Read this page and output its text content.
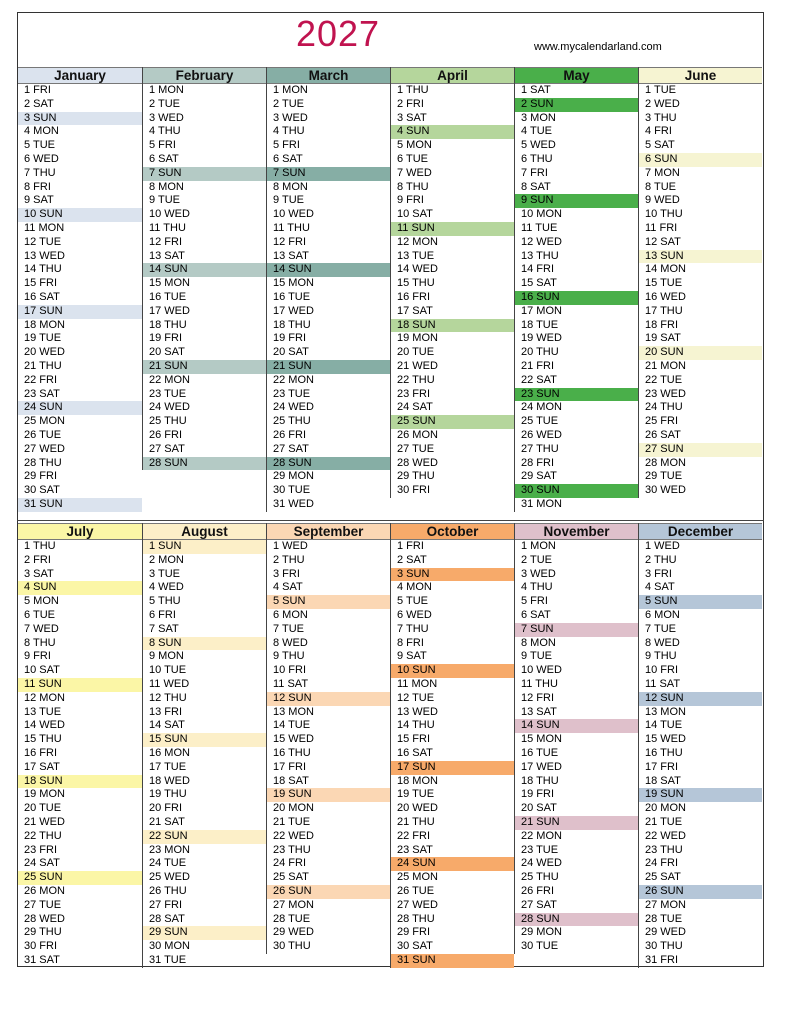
2027	www.mycalendarland.com
January
1 FRI
2 SAT
3 SUN
4 MON
5 TUE
6 WED
7 THU
8 FRI
9 SAT
10 SUN
11 MON
12 TUE
13 WED
14 THU
15 FRI
16 SAT
17 SUN
18 MON
19 TUE
20 WED
21 THU
22 FRI
23 SAT
24 SUN
25 MON
26 TUE
27 WED
28 THU
29 FRI
30 SAT
31 SUN
February
1 MON
2 TUE
3 WED
4 THU
5 FRI
6 SAT
7 SUN
8 MON
9 TUE
10 WED
11 THU
12 FRI
13 SAT
14 SUN
15 MON
16 TUE
17 WED
18 THU
19 FRI
20 SAT
21 SUN
22 MON
23 TUE
24 WED
25 THU
26 FRI
27 SAT
28 SUN
March
1 MON
2 TUE
3 WED
4 THU
5 FRI
6 SAT
7 SUN
8 MON
9 TUE
10 WED
11 THU
12 FRI
13 SAT
14 SUN
15 MON
16 TUE
17 WED
18 THU
19 FRI
20 SAT
21 SUN
22 MON
23 TUE
24 WED
25 THU
26 FRI
27 SAT
28 SUN
29 MON
30 TUE
31 WED
April
1 THU
2 FRI
3 SAT
4 SUN
5 MON
6 TUE
7 WED
8 THU
9 FRI
10 SAT
11 SUN
12 MON
13 TUE
14 WED
15 THU
16 FRI
17 SAT
18 SUN
19 MON
20 TUE
21 WED
22 THU
23 FRI
24 SAT
25 SUN
26 MON
27 TUE
28 WED
29 THU
30 FRI
May
1 SAT
2 SUN
3 MON
4 TUE
5 WED
6 THU
7 FRI
8 SAT
9 SUN
10 MON
11 TUE
12 WED
13 THU
14 FRI
15 SAT
16 SUN
17 MON
18 TUE
19 WED
20 THU
21 FRI
22 SAT
23 SUN
24 MON
25 TUE
26 WED
27 THU
28 FRI
29 SAT
30 SUN
31 MON
June
1 TUE
2 WED
3 THU
4 FRI
5 SAT
6 SUN
7 MON
8 TUE
9 WED
10 THU
11 FRI
12 SAT
13 SUN
14 MON
15 TUE
16 WED
17 THU
18 FRI
19 SAT
20 SUN
21 MON
22 TUE
23 WED
24 THU
25 FRI
26 SAT
27 SUN
28 MON
29 TUE
30 WED
July
1 THU
2 FRI
3 SAT
4 SUN
5 MON
6 TUE
7 WED
8 THU
9 FRI
10 SAT
11 SUN
12 MON
13 TUE
14 WED
15 THU
16 FRI
17 SAT
18 SUN
19 MON
20 TUE
21 WED
22 THU
23 FRI
24 SAT
25 SUN
26 MON
27 TUE
28 WED
29 THU
30 FRI
31 SAT
August
1 SUN
2 MON
3 TUE
4 WED
5 THU
6 FRI
7 SAT
8 SUN
9 MON
10 TUE
11 WED
12 THU
13 FRI
14 SAT
15 SUN
16 MON
17 TUE
18 WED
19 THU
20 FRI
21 SAT
22 SUN
23 MON
24 TUE
25 WED
26 THU
27 FRI
28 SAT
29 SUN
30 MON
31 TUE
September
1 WED
2 THU
3 FRI
4 SAT
5 SUN
6 MON
7 TUE
8 WED
9 THU
10 FRI
11 SAT
12 SUN
13 MON
14 TUE
15 WED
16 THU
17 FRI
18 SAT
19 SUN
20 MON
21 TUE
22 WED
23 THU
24 FRI
25 SAT
26 SUN
27 MON
28 TUE
29 WED
30 THU
October
1 FRI
2 SAT
3 SUN
4 MON
5 TUE
6 WED
7 THU
8 FRI
9 SAT
10 SUN
11 MON
12 TUE
13 WED
14 THU
15 FRI
16 SAT
17 SUN
18 MON
19 TUE
20 WED
21 THU
22 FRI
23 SAT
24 SUN
25 MON
26 TUE
27 WED
28 THU
29 FRI
30 SAT
31 SUN
November
1 MON
2 TUE
3 WED
4 THU
5 FRI
6 SAT
7 SUN
8 MON
9 TUE
10 WED
11 THU
12 FRI
13 SAT
14 SUN
15 MON
16 TUE
17 WED
18 THU
19 FRI
20 SAT
21 SUN
22 MON
23 TUE
24 WED
25 THU
26 FRI
27 SAT
28 SUN
29 MON
30 TUE
December
1 WED
2 THU
3 FRI
4 SAT
5 SUN
6 MON
7 TUE
8 WED
9 THU
10 FRI
11 SAT
12 SUN
13 MON
14 TUE
15 WED
16 THU
17 FRI
18 SAT
19 SUN
20 MON
21 TUE
22 WED
23 THU
24 FRI
25 SAT
26 SUN
27 MON
28 TUE
29 WED
30 THU
31 FRI
